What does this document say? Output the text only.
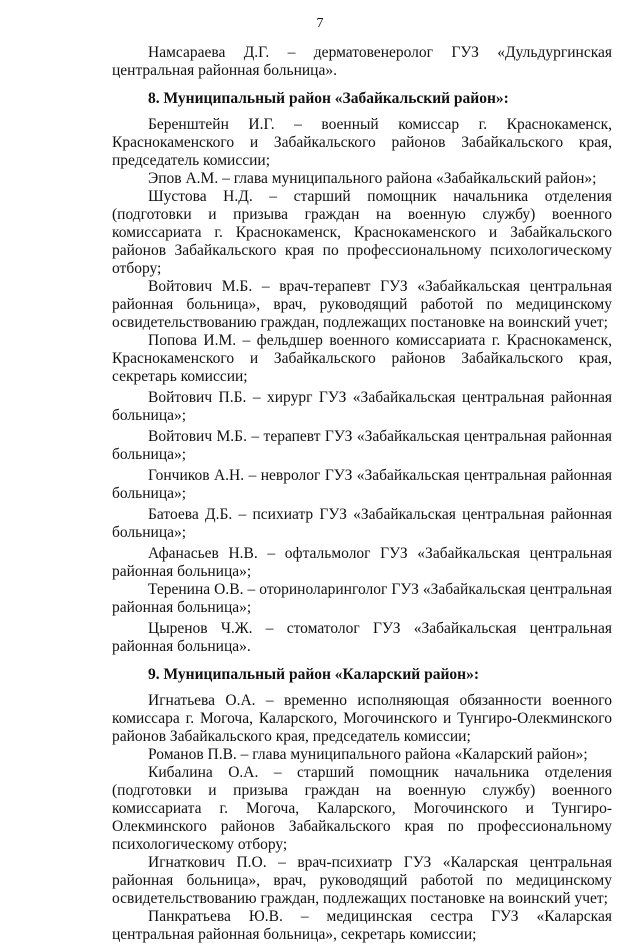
7

Намсараева Д.Г. – дерматовенеролог ГУЗ «Дульдургинская центральная районная больница».

8. Муниципальный район «Забайкальский район»:

Беренштейн И.Г. – военный комиссар г. Краснокаменск, Краснокаменского и Забайкальского районов Забайкальского края, председатель комиссии;

Эпов А.М. – глава муниципального района «Забайкальский район»;

Шустова Н.Д. – старший помощник начальника отделения (подготовки и призыва граждан на военную службу) военного комиссариата г. Краснокаменск, Краснокаменского и Забайкальского районов Забайкальского края по профессиональному психологическому отбору;

Войтович М.Б. – врач-терапевт ГУЗ «Забайкальская центральная районная больница», врач, руководящий работой по медицинскому освидетельствованию граждан, подлежащих постановке на воинский учет;

Попова И.М. – фельдшер военного комиссариата г. Краснокаменск, Краснокаменского и Забайкальского районов Забайкальского края, секретарь комиссии;

Войтович П.Б. – хирург ГУЗ «Забайкальская центральная районная больница»;

Войтович М.Б. – терапевт ГУЗ «Забайкальская центральная районная больница»;

Гончиков А.Н. – невролог ГУЗ «Забайкальская центральная районная больница»;

Батоева Д.Б. – психиатр ГУЗ «Забайкальская центральная районная больница»;

Афанасьев Н.В. – офтальмолог ГУЗ «Забайкальская центральная районная больница»;

Теренина О.В. – оториноларинголог ГУЗ «Забайкальская центральная районная больница»;

Цыренов Ч.Ж. – стоматолог ГУЗ «Забайкальская центральная районная больница».

9. Муниципальный район «Каларский район»:

Игнатьева О.А. – временно исполняющая обязанности военного комиссара г. Могоча, Каларского, Могочинского и Тунгиро-Олекминского районов Забайкальского края, председатель комиссии;

Романов П.В. – глава муниципального района «Каларский район»;

Кибалина О.А. – старший помощник начальника отделения (подготовки и призыва граждан на военную службу) военного комиссариата г. Могоча, Каларского, Могочинского и Тунгиро-Олекминского районов Забайкальского края по профессиональному психологическому отбору;

Игнаткович П.О. – врач-психиатр ГУЗ «Каларская центральная районная больница», врач, руководящий работой по медицинскому освидетельствованию граждан, подлежащих постановке на воинский учет;

Панкратьева Ю.В. – медицинская сестра ГУЗ «Каларская центральная районная больница», секретарь комиссии;
